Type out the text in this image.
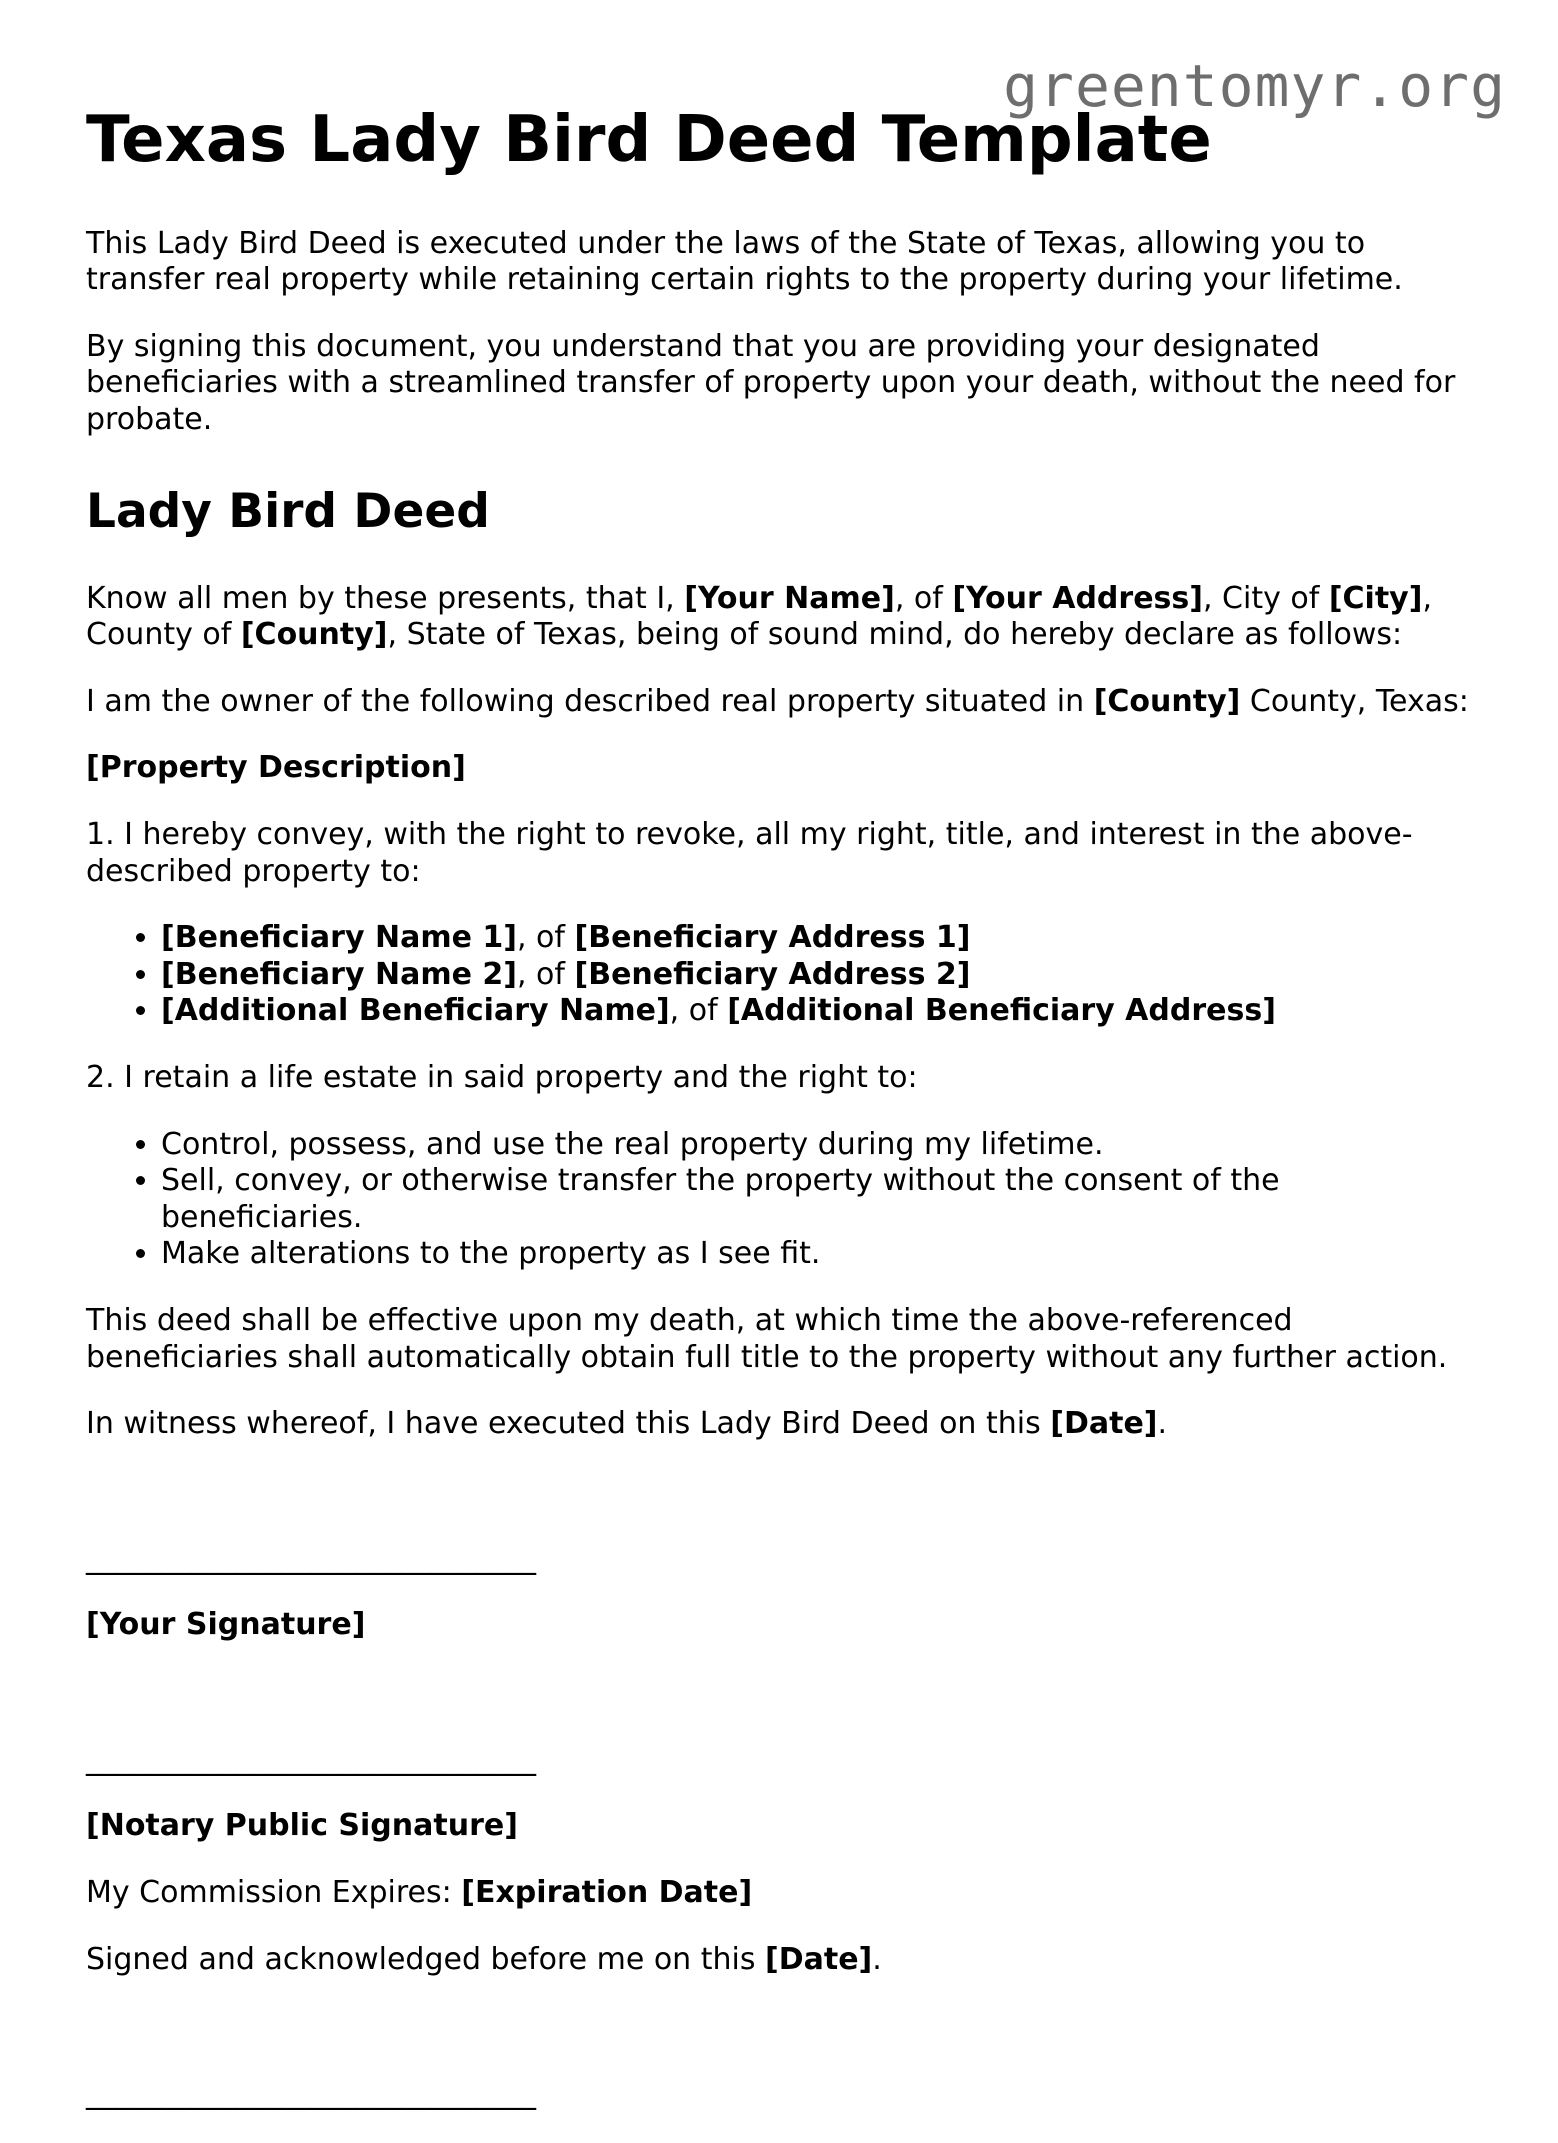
greentomyr.org
Texas Lady Bird Deed Template

This Lady Bird Deed is executed under the laws of the State of Texas, allowing you to transfer real property while retaining certain rights to the property during your lifetime.

By signing this document, you understand that you are providing your designated beneficiaries with a streamlined transfer of property upon your death, without the need for probate.

Lady Bird Deed

Know all men by these presents, that I, [Your Name], of [Your Address], City of [City], County of [County], State of Texas, being of sound mind, do hereby declare as follows:

I am the owner of the following described real property situated in [County] County, Texas:

[Property Description]

1. I hereby convey, with the right to revoke, all my right, title, and interest in the above-described property to:

• [Beneficiary Name 1], of [Beneficiary Address 1]
• [Beneficiary Name 2], of [Beneficiary Address 2]
• [Additional Beneficiary Name], of [Additional Beneficiary Address]

2. I retain a life estate in said property and the right to:

• Control, possess, and use the real property during my lifetime.
• Sell, convey, or otherwise transfer the property without the consent of the beneficiaries.
• Make alterations to the property as I see fit.

This deed shall be effective upon my death, at which time the above-referenced beneficiaries shall automatically obtain full title to the property without any further action.

In witness whereof, I have executed this Lady Bird Deed on this [Date].

______________________________

[Your Signature]

______________________________

[Notary Public Signature]

My Commission Expires: [Expiration Date]

Signed and acknowledged before me on this [Date].

______________________________
